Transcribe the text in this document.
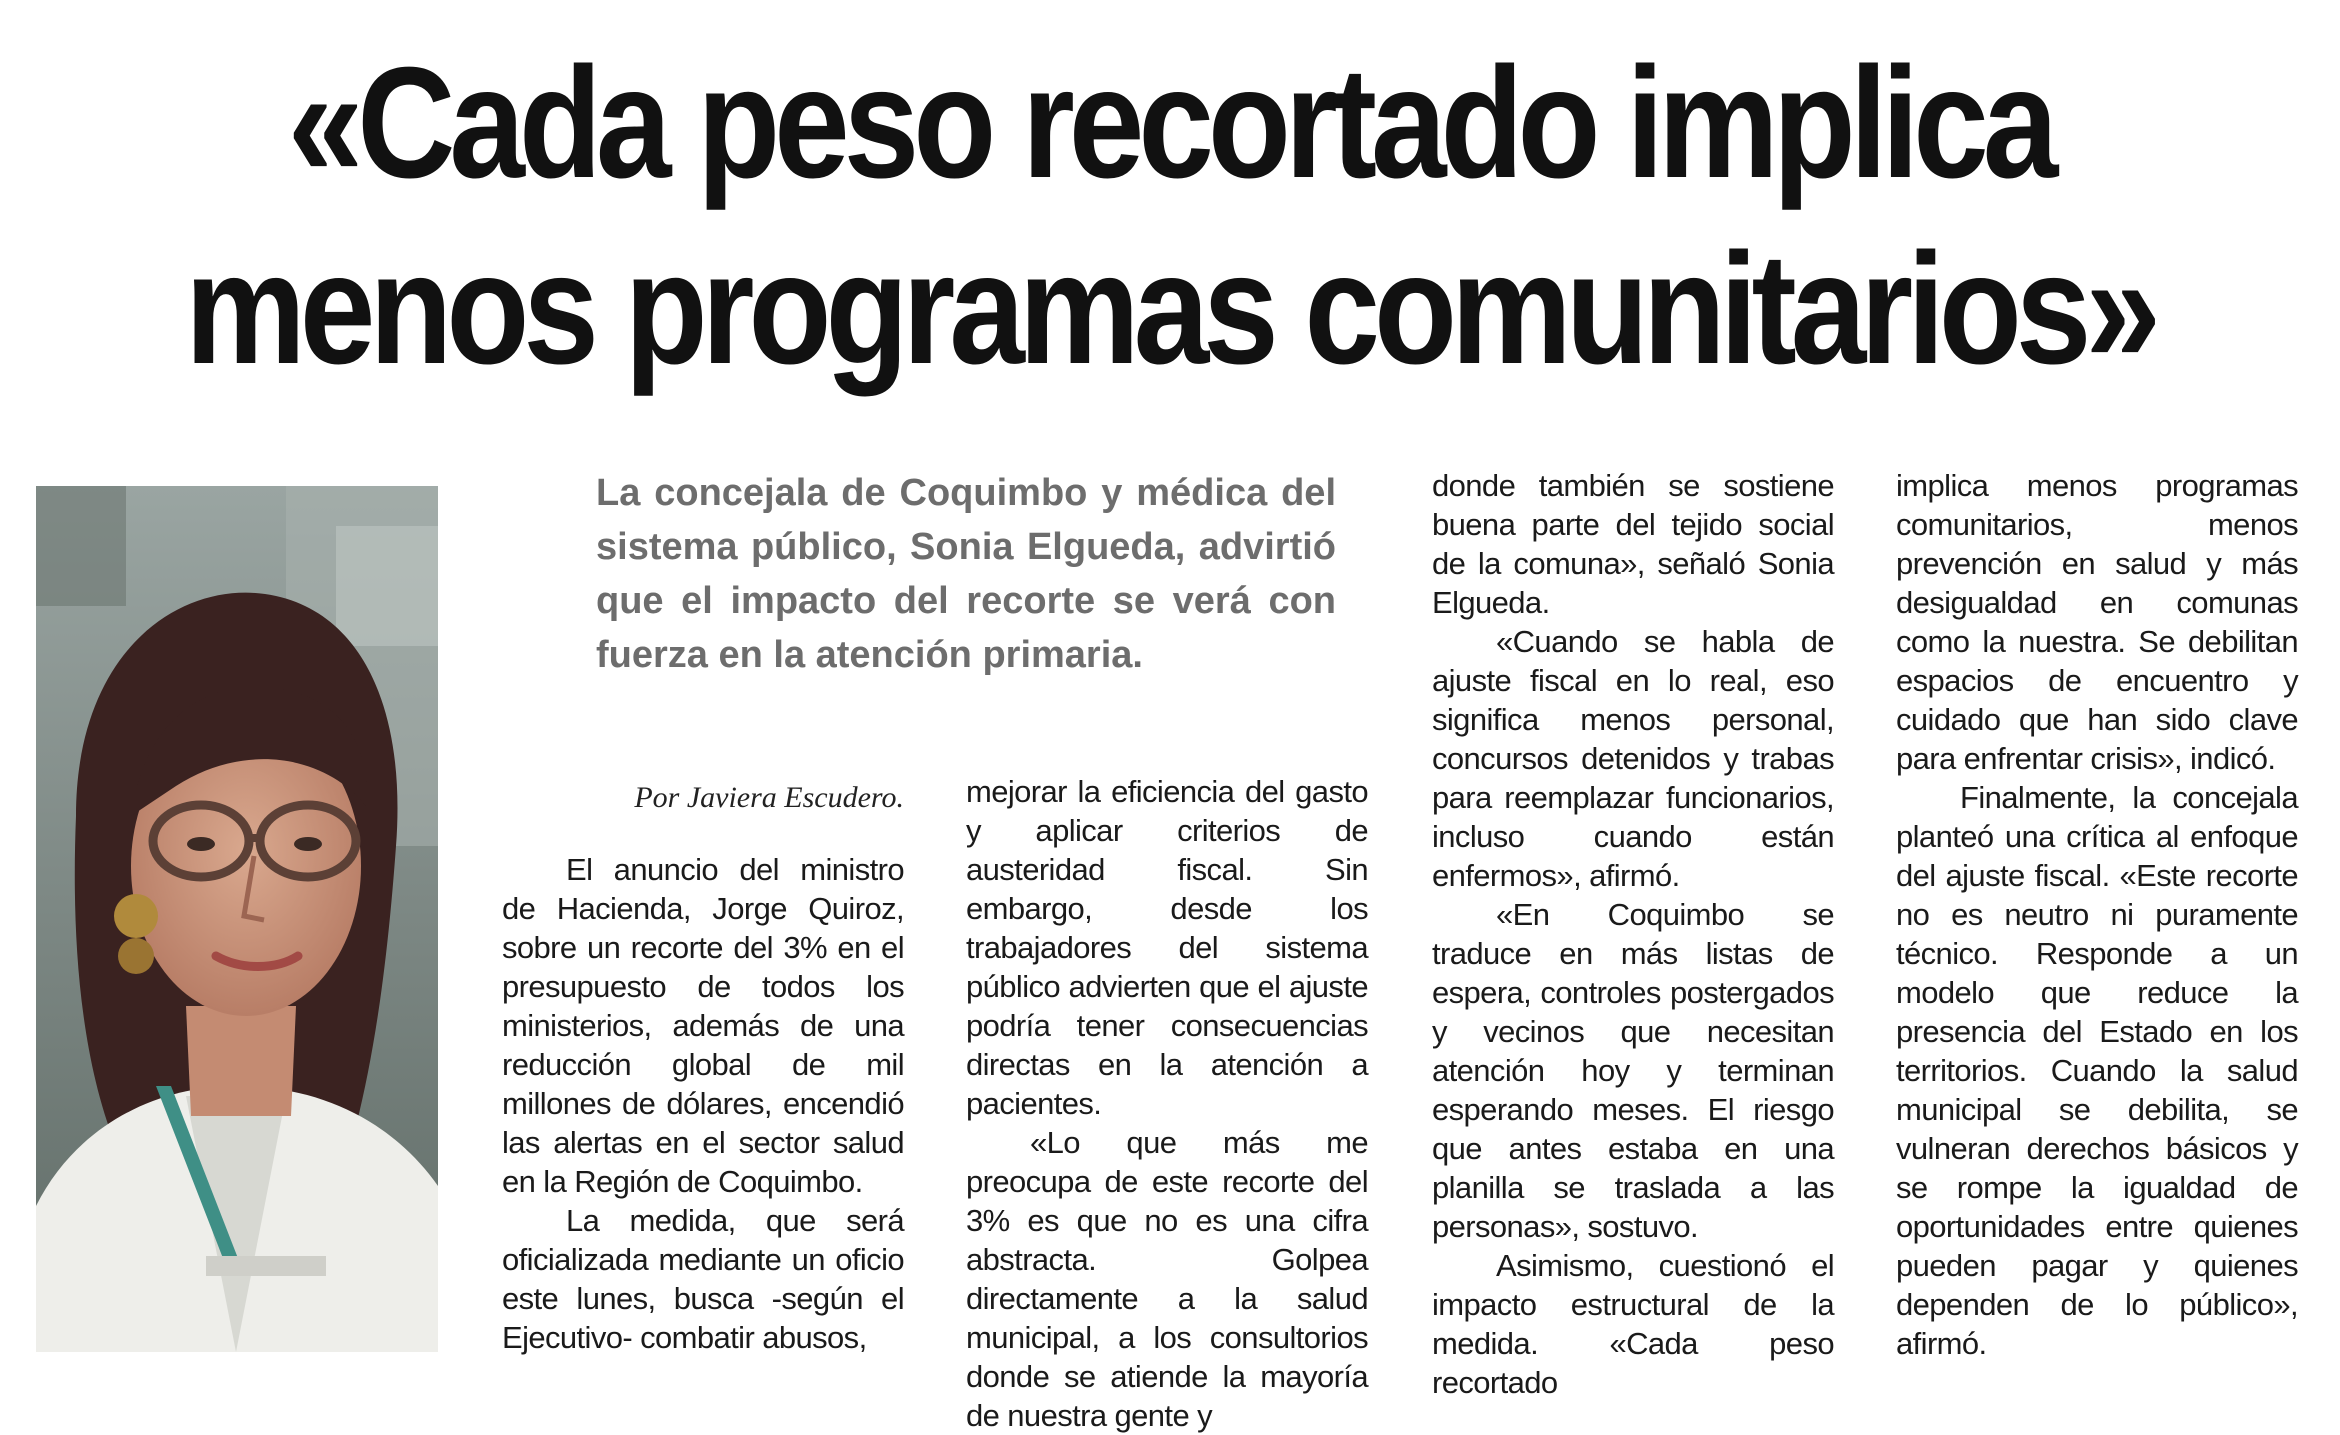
«Cada peso recortado implica
menos programas comunitarios»

La concejala de Coquimbo y médica del sistema público, Sonia Elgueda, advirtió que el impacto del recorte se verá con fuerza en la atención primaria.

Por Javiera Escudero.

El anuncio del ministro de Hacienda, Jorge Quiroz, sobre un recorte del 3% en el presupuesto de todos los ministerios, además de una reducción global de mil millones de dólares, encendió las alertas en el sector salud en la Región de Coquimbo.

La medida, que será oficializada mediante un oficio este lunes, busca -según el Ejecutivo- combatir abusos,

mejorar la eficiencia del gasto y aplicar criterios de austeridad fiscal. Sin embargo, desde los trabajadores del sistema público advierten que el ajuste podría tener consecuencias directas en la atención a pacientes.

«Lo que más me preocupa de este recorte del 3% es que no es una cifra abstracta. Golpea directamente a la salud municipal, a los consultorios donde se atiende la mayoría de nuestra gente y

donde también se sostiene buena parte del tejido social de la comuna», señaló Sonia Elgueda.

«Cuando se habla de ajuste fiscal en lo real, eso significa menos personal, concursos detenidos y trabas para reemplazar funcionarios, incluso cuando están enfermos», afirmó.

«En Coquimbo se traduce en más listas de espera, controles postergados y vecinos que necesitan atención hoy y terminan esperando meses. El riesgo que antes estaba en una planilla se traslada a las personas», sostuvo.

Asimismo, cuestionó el impacto estructural de la medida. «Cada peso recortado

implica menos programas comunitarios, menos prevención en salud y más desigualdad en comunas como la nuestra. Se debilitan espacios de encuentro y cuidado que han sido clave para enfrentar crisis», indicó.

Finalmente, la concejala planteó una crítica al enfoque del ajuste fiscal. «Este recorte no es neutro ni puramente técnico. Responde a un modelo que reduce la presencia del Estado en los territorios. Cuando la salud municipal se debilita, se vulneran derechos básicos y se rompe la igualdad de oportunidades entre quienes pueden pagar y quienes dependen de lo público», afirmó.
